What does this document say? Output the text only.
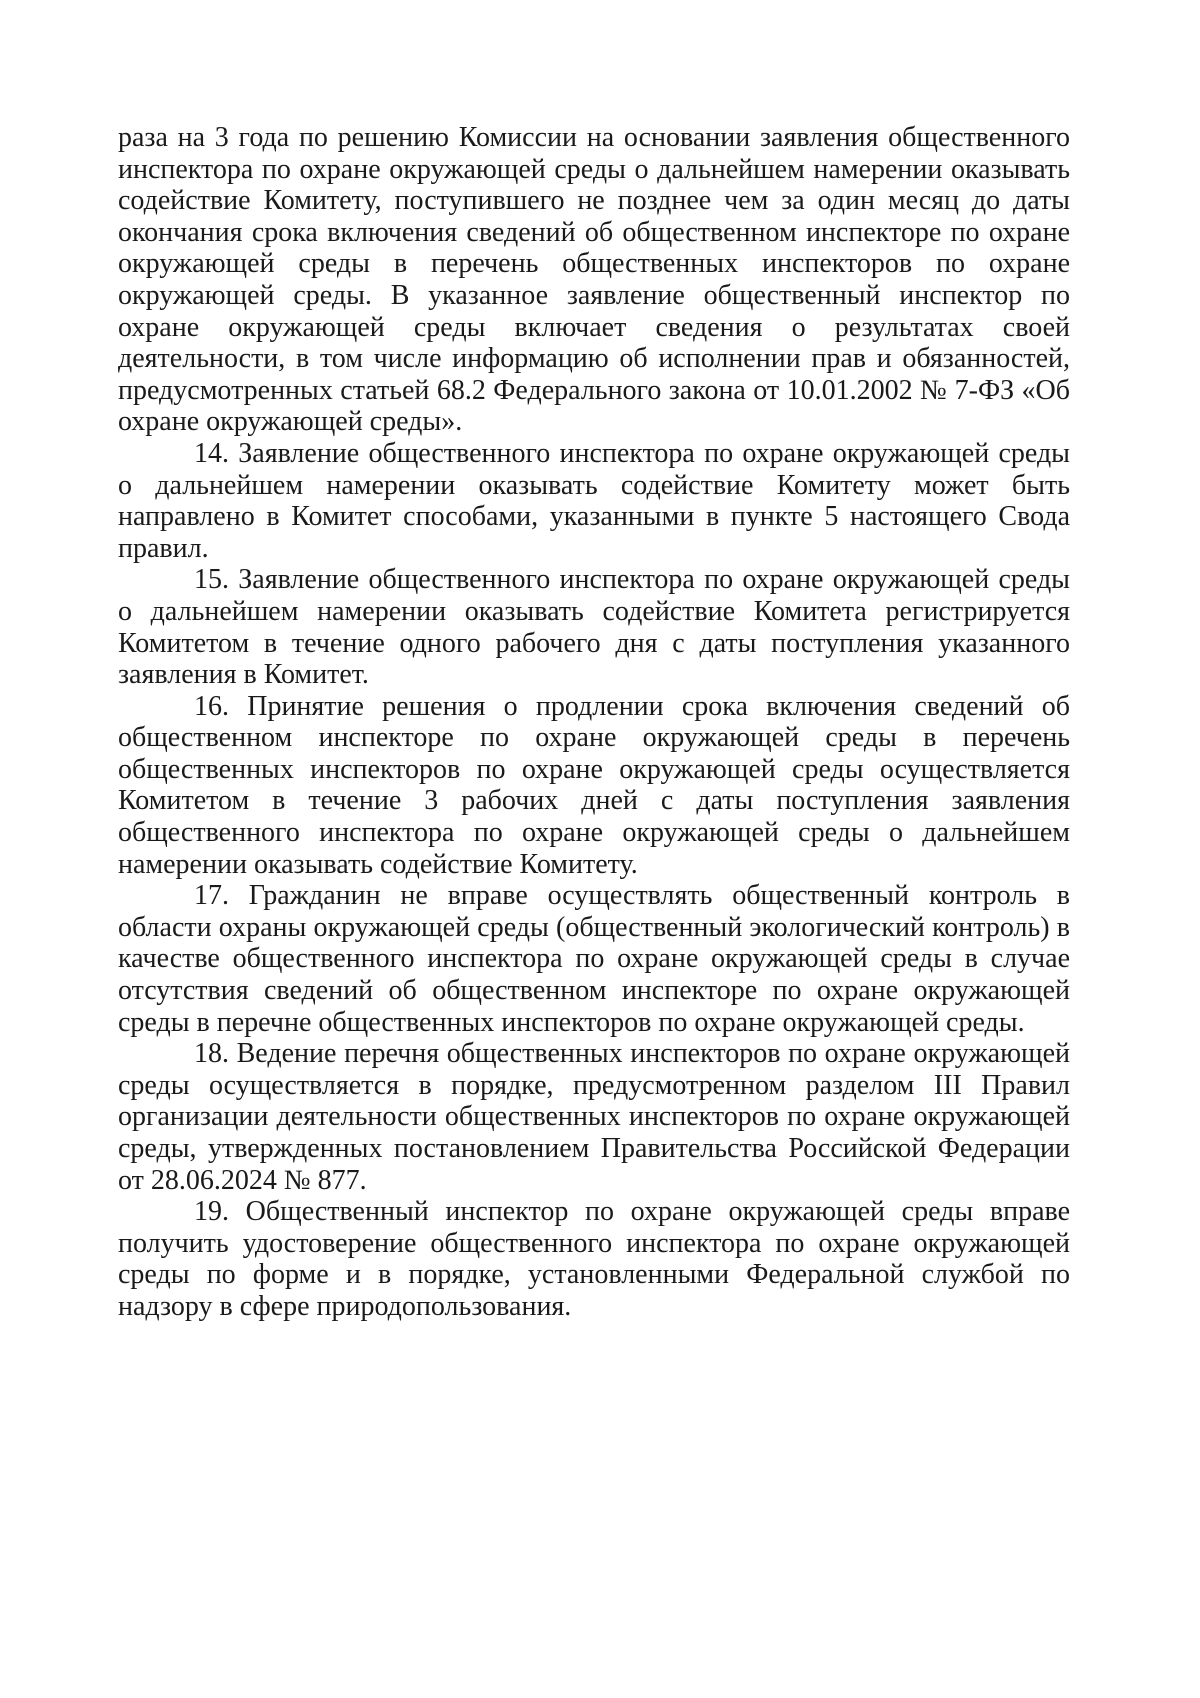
раза на 3 года по решению Комиссии на основании заявления общественного инспектора по охране окружающей среды о дальнейшем намерении оказывать содействие Комитету, поступившего не позднее чем за один месяц до даты окончания срока включения сведений об общественном инспекторе по охране окружающей среды в перечень общественных инспекторов по охране окружающей среды. В указанное заявление общественный инспектор по охране окружающей среды включает сведения о результатах своей деятельности, в том числе информацию об исполнении прав и обязанностей, предусмотренных статьей 68.2 Федерального закона от 10.01.2002 № 7-ФЗ «Об охране окружающей среды».

14. Заявление общественного инспектора по охране окружающей среды о дальнейшем намерении оказывать содействие Комитету может быть направлено в Комитет способами, указанными в пункте 5 настоящего Свода правил.

15. Заявление общественного инспектора по охране окружающей среды о дальнейшем намерении оказывать содействие Комитета регистрируется Комитетом в течение одного рабочего дня с даты поступления указанного заявления в Комитет.

16. Принятие решения о продлении срока включения сведений об общественном инспекторе по охране окружающей среды в перечень общественных инспекторов по охране окружающей среды осуществляется Комитетом в течение 3 рабочих дней с даты поступления заявления общественного инспектора по охране окружающей среды о дальнейшем намерении оказывать содействие Комитету.

17. Гражданин не вправе осуществлять общественный контроль в области охраны окружающей среды (общественный экологический контроль) в качестве общественного инспектора по охране окружающей среды в случае отсутствия сведений об общественном инспекторе по охране окружающей среды в перечне общественных инспекторов по охране окружающей среды.

18. Ведение перечня общественных инспекторов по охране окружающей среды осуществляется в порядке, предусмотренном разделом III Правил организации деятельности общественных инспекторов по охране окружающей среды, утвержденных постановлением Правительства Российской Федерации от 28.06.2024 № 877.

19. Общественный инспектор по охране окружающей среды вправе получить удостоверение общественного инспектора по охране окружающей среды по форме и в порядке, установленными Федеральной службой по надзору в сфере природопользования.
